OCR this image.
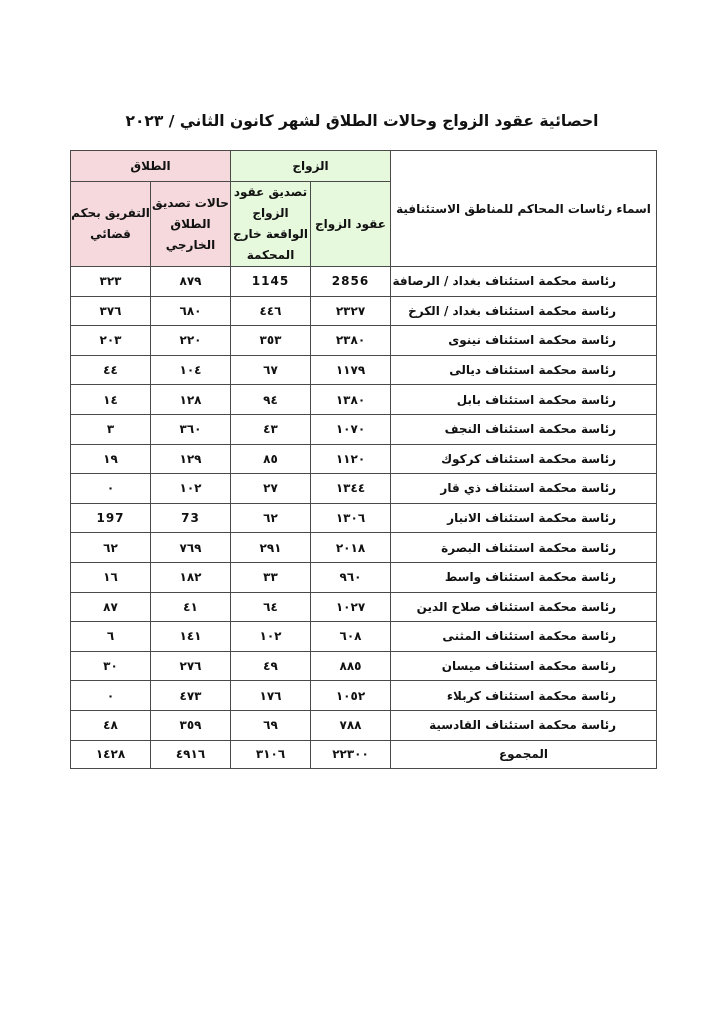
احصائية عقود الزواج وحالات الطلاق لشهر كانون الثاني / ٢٠٢٣
اسماء رئاسات المحاكم للمناطق الاستئنافية	الزواج		الطلاق	
	عقود الزواج	تصديق عقود الزواج الواقعة خارج المحكمة	حالات تصديق الطلاق الخارجي	التفريق بحكم قضائي
رئاسة محكمة استئناف بغداد / الرصافة	2856	1145	٨٧٩	٣٢٣
رئاسة محكمة استئناف بغداد / الكرخ	٢٣٢٧	٤٤٦	٦٨٠	٣٧٦
رئاسة محكمة استئناف نينوى	٢٣٨٠	٣٥٣	٢٢٠	٢٠٣
رئاسة محكمة استئناف ديالى	١١٧٩	٦٧	١٠٤	٤٤
رئاسة محكمة استئناف بابل	١٣٨٠	٩٤	١٢٨	١٤
رئاسة محكمة استئناف النجف	١٠٧٠	٤٣	٣٦٠	٣
رئاسة محكمة استئناف كركوك	١١٢٠	٨٥	١٢٩	١٩
رئاسة محكمة استئناف ذي قار	١٣٤٤	٢٧	١٠٢	٠
رئاسة محكمة استئناف الانبار	١٣٠٦	٦٢	73	197
رئاسة محكمة استئناف البصرة	٢٠١٨	٢٩١	٧٦٩	٦٢
رئاسة محكمة استئناف واسط	٩٦٠	٣٣	١٨٢	١٦
رئاسة محكمة استئناف صلاح الدين	١٠٢٧	٦٤	٤١	٨٧
رئاسة محكمة استئناف المثنى	٦٠٨	١٠٢	١٤١	٦
رئاسة محكمة استئناف ميسان	٨٨٥	٤٩	٢٧٦	٣٠
رئاسة محكمة استئناف كربلاء	١٠٥٢	١٧٦	٤٧٣	٠
رئاسة محكمة استئناف القادسية	٧٨٨	٦٩	٣٥٩	٤٨
المجموع	٢٢٣٠٠	٣١٠٦	٤٩١٦	١٤٢٨
